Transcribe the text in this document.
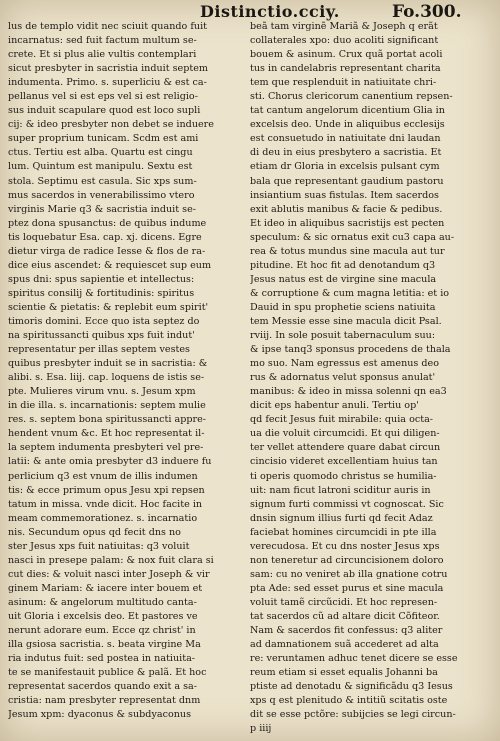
Distinctio.cciy.	Fo.300.
lus de templo vidit nec sciuit quando fuit
incarnatus: sed fuit factum multum se-
crete. Et si plus alie vultis contemplari
sicut presbyter in sacristia induit septem
indumenta. Primo. s. superliciu & est ca-
pellanus vel si est eps vel si est religio-
sus induit scapulare quod est loco supli
cij: & ideo presbyter non debet se induere
super proprium tunicam. Scdm est ami
ctus. Tertiu est alba. Quartu est cingu
lum. Quintum est manipulu. Sextu est
stola. Septimu est casula. Sic xps sum-
mus sacerdos in venerabilissimo vtero
virginis Marie q3 & sacristia induit se-
ptez dona spusanctus: de quibus indume
tis loquebatur Esa. cap. xj. dicens. Egre
dietur virga de radice Iesse & flos de ra-
dice eius ascendet: & requiescet sup eum
spus dni: spus sapientie et intellectus:
spiritus consilij & fortitudinis: spiritus
scientie & pietatis: & replebit eum spirit'
timoris domini. Ecce quo ista septez do
na spiritussancti quibus xps fuit indut'
representatur per illas septem vestes
quibus presbyter induit se in sacristia: &
alibi. s. Esa. liij. cap. loquens de istis se-
pte. Mulieres virum vnu. s. Jesum xpm
in die illa. s. incarnationis: septem mulie
res. s. septem bona spiritussancti appre-
hendent vnum &c. Et hoc representat il-
la septem indumenta presbyteri vel pre-
latii: & ante omia presbyter d3 induere fu
perlicium q3 est vnum de illis indumen
tis: & ecce primum opus Jesu xpi repsen
tatum in missa. vnde dicit. Hoc facite in
meam commemorationez. s. incarnatio
nis. Secundum opus qd fecit dns no
ster Jesus xps fuit natiuitas: q3 voluit
nasci in presepe palam: & nox fuit clara si
cut dies: & voluit nasci inter Joseph & vir
ginem Mariam: & iacere inter bouem et
asinum: & angelorum multitudo canta-
uit Gloria i excelsis deo. Et pastores ve
nerunt adorare eum. Ecce qz christ' in
illa gsiosa sacristia. s. beata virgine Ma
ria indutus fuit: sed postea in natiuita-
te se manifestauit publice & palã. Et hoc
representat sacerdos quando exit a sa-
cristia: nam presbyter representat dnm
Jesum xpm: dyaconus & subdyaconus
beã tam virginẽ Mariã & Joseph q erãt
collaterales xpo: duo acoliti significant
bouem & asinum. Crux quã portat acoli
tus in candelabris representant charita
tem que resplenduit in natiuitate chri-
sti. Chorus clericorum canentium repsen-
tat cantum angelorum dicentium Glia in
excelsis deo. Unde in aliquibus ecclesijs
est consuetudo in natiuitate dni laudan
di deu in eius presbytero a sacristia. Et
etiam dr Gloria in excelsis pulsant cym
bala que representant gaudium pastoru
insiantium suas fistulas. Item sacerdos
exit ablutis manibus & facie & pedibus.
Et ideo in aliquibus sacristijs est pecten
speculum: & sic ornatus exit cu3 capa au-
rea & totus mundus sine macula aut tur
pitudine. Et hoc fit ad denotandum q3
Jesus natus est de virgine sine macula
& corruptione & cum magna letitia: et io
Dauid in spu prophetie sciens natiuita
tem Messie esse sine macula dicit Psal.
rviij. In sole posuit tabernaculum suu:
& ipse tanq3 sponsus procedens de thala
mo suo. Nam egressus est amenus deo
rus & adornatus velut sponsus anulat'
manibus: & ideo in missa solenni qn ea3
dicit eps habentur anuli. Tertiu op'
qd fecit Jesus fuit mirabile: quia octa-
ua die voluit circumcidi. Et qui diligen-
ter vellet attendere quare dabat circun
cincisio videret excellentiam huius tan
ti operis quomodo christus se humilia-
uit: nam ficut latroni sciditur auris in
signum furti commissi vt cognoscat. Sic
dnsin signum illius furti qd fecit Adaz
faciebat homines circumcidi in pte illa
verecudosa. Et cu dns noster Jesus xps
non teneretur ad circuncisionem doloro
sam: cu no veniret ab illa gnatione cotru
pta Ade: sed esset purus et sine macula
voluit tamẽ circũcidi. Et hoc represen-
tat sacerdos cũ ad altare dicit Cõfiteor.
Nam & sacerdos fit confessus: q3 aliter
ad damnationem suã accederet ad alta
re: veruntamen adhuc tenet dicere se esse
reum etiam si esset equalis Johanni ba
ptiste ad denotadu & significãdu q3 Iesus
xps q est plenitudo & intitiũ scitatis oste
dit se esse pctõre: subijcies se legi circun-
p iiij
